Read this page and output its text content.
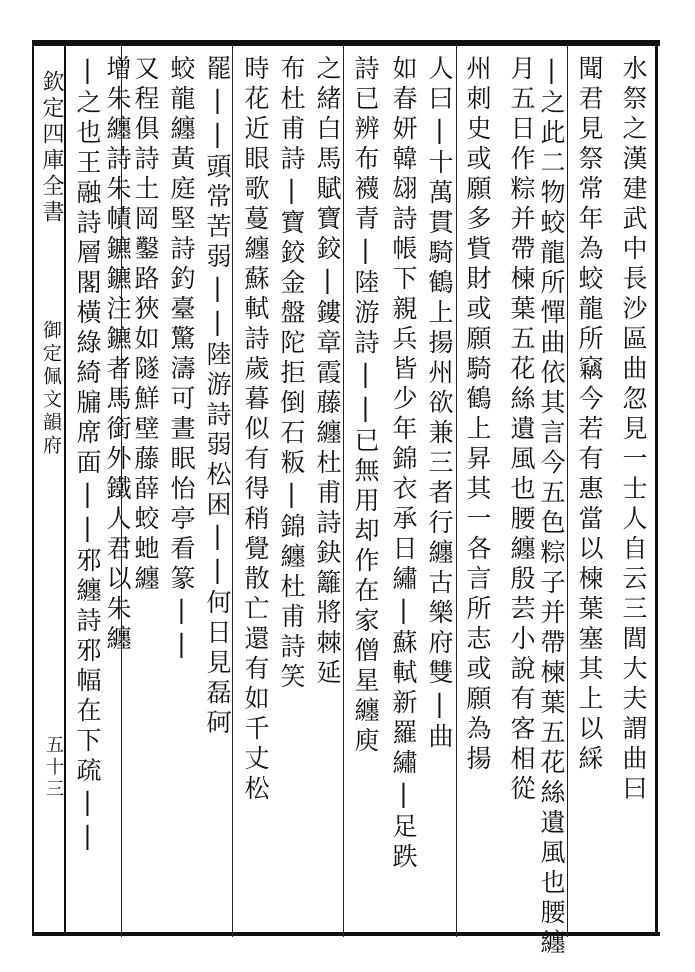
欽定四庫全書
御定佩文韻府
五十三	水祭之漢建武中長沙區曲忽見一士人自云三閭大夫謂曲曰
聞君見祭常年為蛟龍所竊今若有惠當以楝葉塞其上以綵
|之此二物蛟龍所憚曲依其言今五色粽子并帶楝葉五花絲遺風也腰纏
月五日作粽并帶楝葉五花絲遺風也腰纏殷芸小說有客相從
州刺史或願多貲財或願騎鶴上昇其一各言所志或願為揚
人曰|十萬貫騎鶴上揚州欲兼三者行纏古樂府雙|曲
如春妍韓翃詩帳下親兵皆少年錦衣承日繡|蘇軾新羅繡|足跌
詩已辨布襪青|陸游詩||已無用却作在家僧星纏庾
之緒白馬賦寶鉸|鏤章霞藤纏杜甫詩鈌籬將棘延
布杜甫詩|寶鉸金盤陀拒倒石粄|錦纏杜甫詩笑
時花近眼歌蔓纏蘇軾詩歲暮似有得稍覺散亡還有如千丈松
罷||頭常苦弱||陸游詩弱松困||何日見磊砢
蛟龍纏黃庭堅詩釣臺驚濤可晝眠怡亭看篆||
又程俱詩土岡鑿路狹如隧鮮壁藤薛蛟虵纏
增朱纏詩朱幘鑣鑣注鑣者馬銜外鐵人君以朱纏
|之也王融詩層閣橫綠綺牖席面||邪纏詩邪幅在下疏||
